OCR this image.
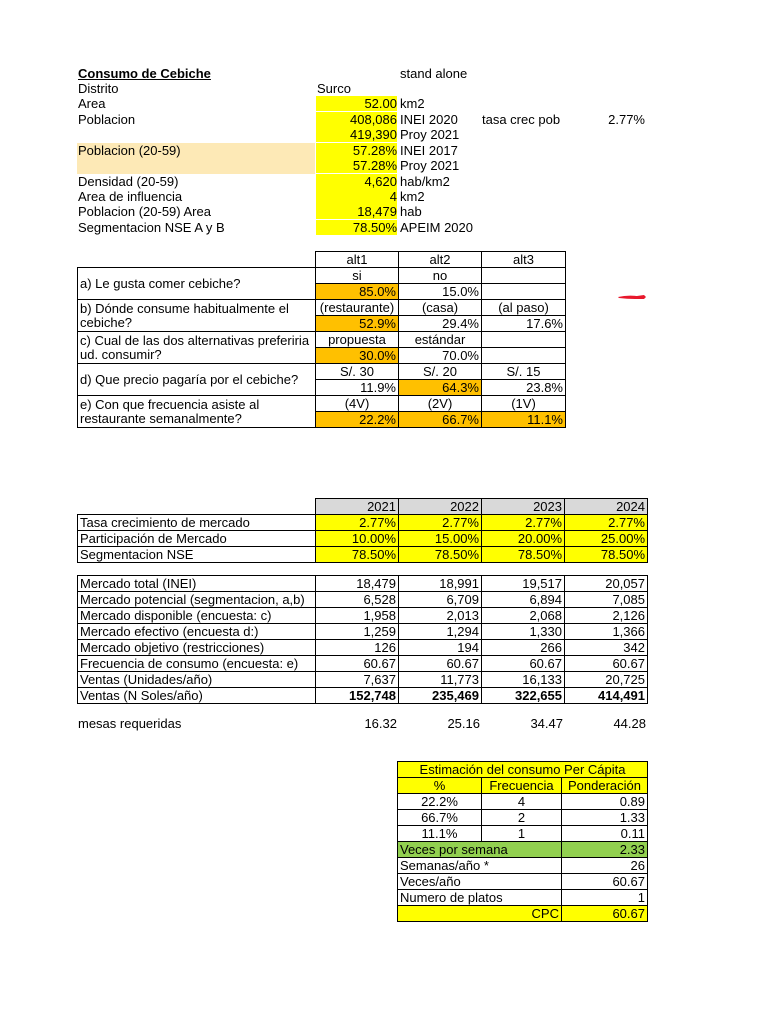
Consumo de Cebiche	stand alone
Distrito	Surco
Area	52.00 km2
Poblacion	408,086 INEI 2020
419,390 Proy 2021
Poblacion (20-59)	57.28% INEI 2017
57.28% Proy 2021
Densidad (20-59)	4,620 hab/km2
Area de influencia	4 km2
Poblacion (20-59) Area	18,479 hab
Segmentacion NSE A y B	78.50% APEIM 2020
tasa crec pob	2.77%
	alt1	alt2	alt3
a) Le gusta comer cebiche?	si	no	
	85.0%	15.0%	
b) Dónde consume habitualmente el cebiche?	(restaurante)	(casa)	(al paso)
	52.9%	29.4%	17.6%
c) Cual de las dos alternativas preferiria ud. consumir?	propuesta	estándar	
	30.0%	70.0%	
d) Que precio pagaría por el cebiche?	S/. 30	S/. 20	S/. 15
	11.9%	64.3%	23.8%
e) Con que frecuencia asiste al restaurante semanalmente?	(4V)	(2V)	(1V)
	22.2%	66.7%	11.1%
	2021	2022	2023	2024
Tasa crecimiento de mercado	2.77%	2.77%	2.77%	2.77%
Participación de Mercado	10.00%	15.00%	20.00%	25.00%
Segmentacion NSE	78.50%	78.50%	78.50%	78.50%
Mercado total (INEI)	18,479	18,991	19,517	20,057
Mercado potencial (segmentacion, a,b)	6,528	6,709	6,894	7,085
Mercado disponible (encuesta: c)	1,958	2,013	2,068	2,126
Mercado efectivo (encuesta d:)	1,259	1,294	1,330	1,366
Mercado objetivo (restricciones)	126	194	266	342
Frecuencia de consumo (encuesta: e)	60.67	60.67	60.67	60.67
Ventas (Unidades/año)	7,637	11,773	16,133	20,725
Ventas (N Soles/año)	152,748	235,469	322,655	414,491
mesas requeridas	16.32	25.16	34.47	44.28
Estimación del consumo Per Cápita		
%	Frecuencia	Ponderación
22.2%	4	0.89
66.7%	2	1.33
11.1%	1	0.11
Veces por semana		2.33
Semanas/año *		26
Veces/año		60.67
Numero de platos		1
CPC		60.67
